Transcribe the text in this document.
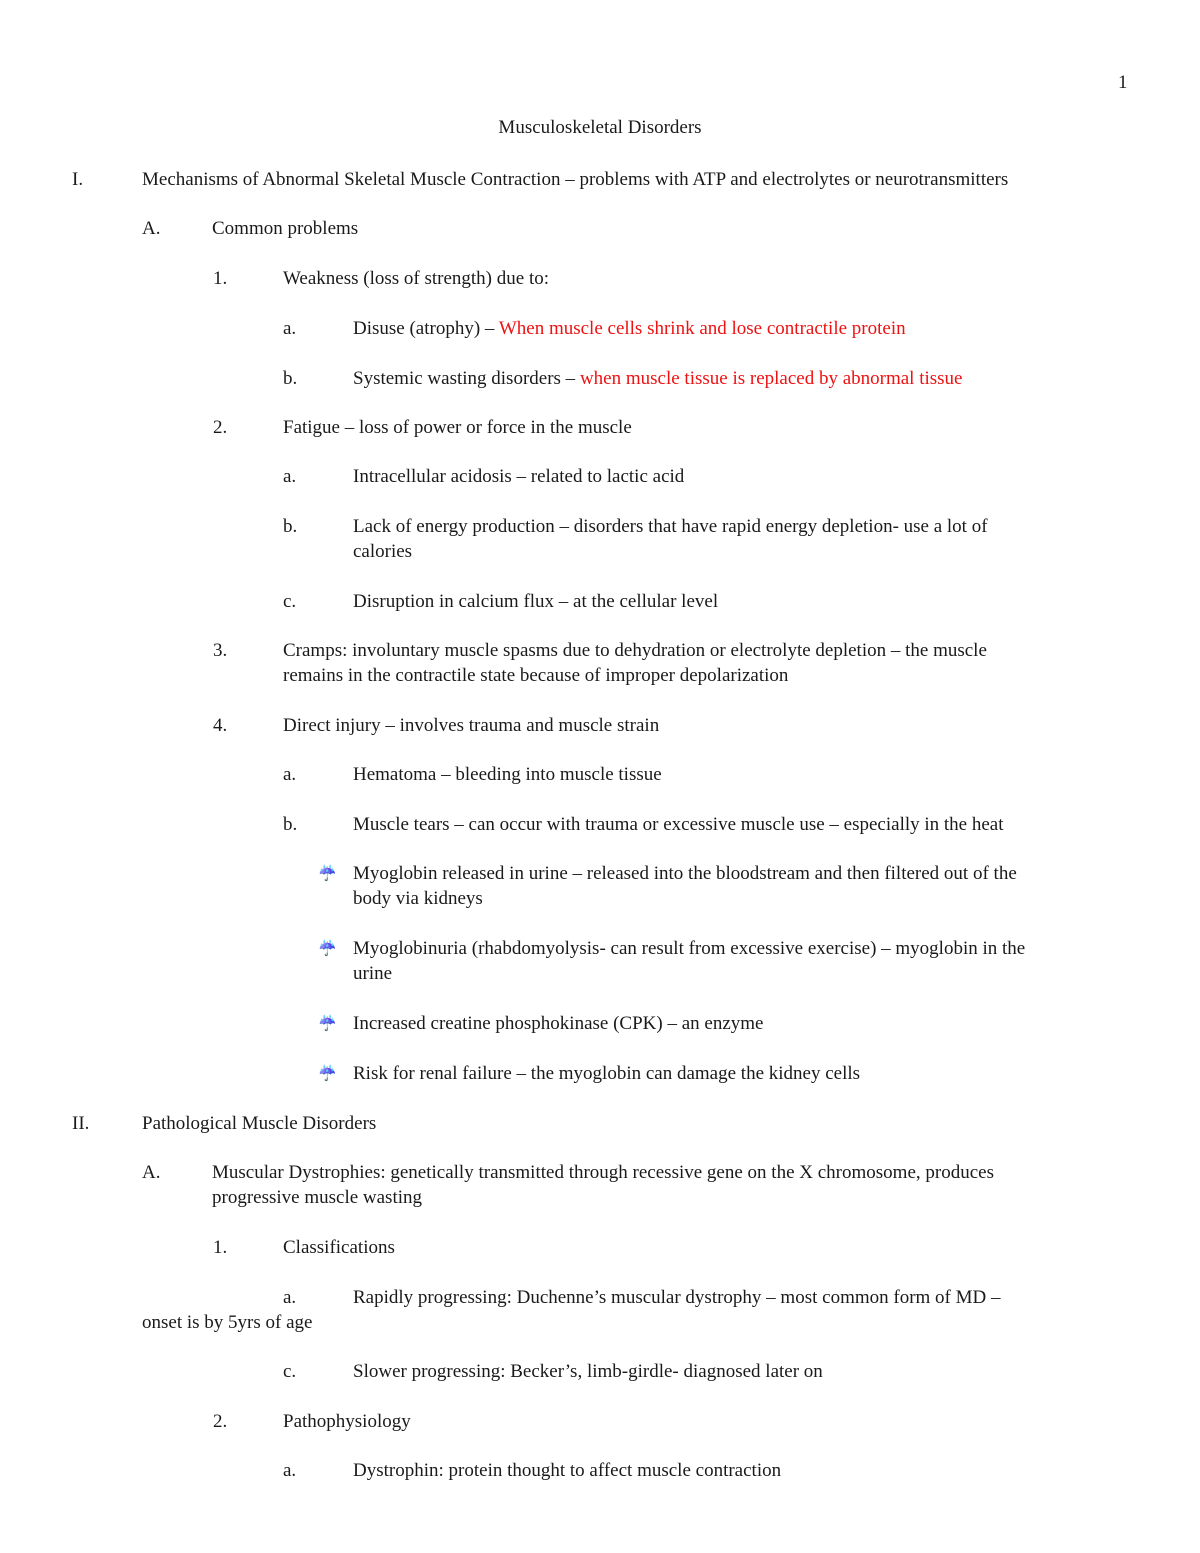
1
Musculoskeletal Disorders
I.	Mechanisms of Abnormal Skeletal Muscle Contraction – problems with ATP and electrolytes or neurotransmitters
A.	Common problems
1.	Weakness (loss of strength) due to:
a.	Disuse (atrophy) – When muscle cells shrink and lose contractile protein
b.	Systemic wasting disorders – when muscle tissue is replaced by abnormal tissue
2.	Fatigue – loss of power or force in the muscle
a.	Intracellular acidosis – related to lactic acid
b.	Lack of energy production – disorders that have rapid energy depletion- use a lot of
calories
c.	Disruption in calcium flux – at the cellular level
3.	Cramps: involuntary muscle spasms due to dehydration or electrolyte depletion – the muscle
remains in the contractile state because of improper depolarization
4.	Direct injury – involves trauma and muscle strain
a.	Hematoma – bleeding into muscle tissue
b.	Muscle tears – can occur with trauma or excessive muscle use – especially in the heat
☔ Myoglobin released in urine – released into the bloodstream and then filtered out of the
body via kidneys
☔ Myoglobinuria (rhabdomyolysis- can result from excessive exercise) – myoglobin in the
urine
☔ Increased creatine phosphokinase (CPK) – an enzyme
☔ Risk for renal failure – the myoglobin can damage the kidney cells
II.	Pathological Muscle Disorders
A.	Muscular Dystrophies: genetically transmitted through recessive gene on the X chromosome, produces
progressive muscle wasting
1.	Classifications
a.	Rapidly progressing: Duchenne’s muscular dystrophy – most common form of MD –
onset is by 5yrs of age
c.	Slower progressing: Becker’s, limb-girdle- diagnosed later on
2.	Pathophysiology
a.	Dystrophin: protein thought to affect muscle contraction
